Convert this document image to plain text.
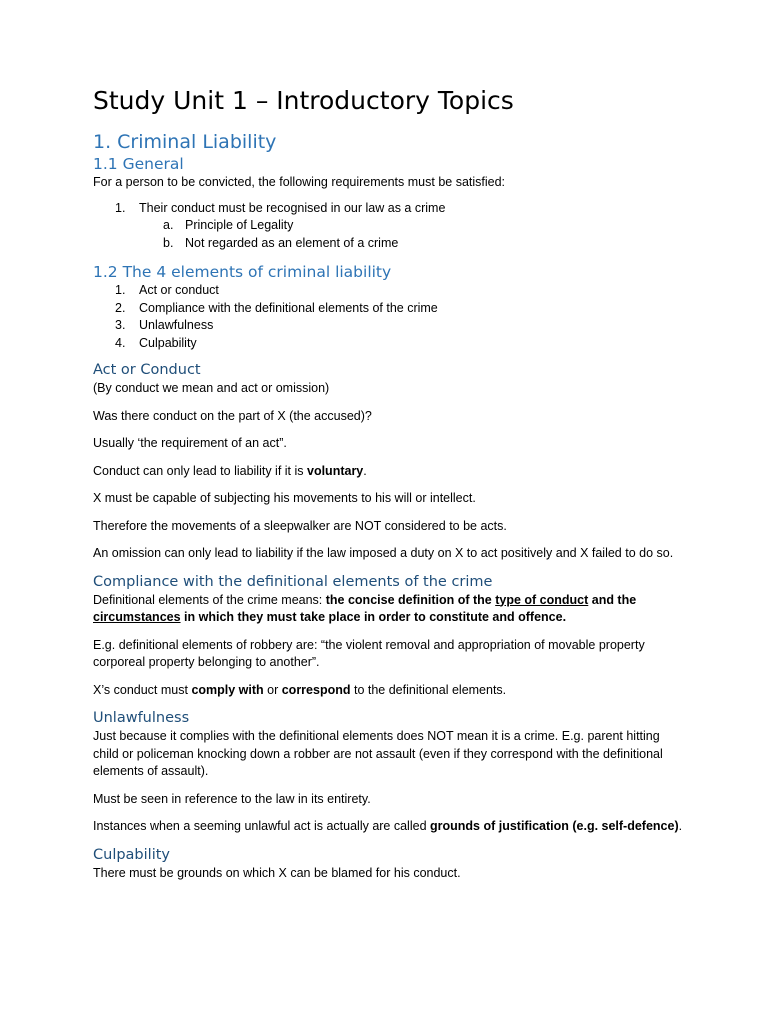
Study Unit 1 – Introductory Topics
1. Criminal Liability
1.1 General

For a person to be convicted, the following requirements must be satisfied:

1.	Their conduct must be recognised in our law as a crime
a. Principle of Legality
b. Not regarded as an element of a crime
1.2 The 4 elements of criminal liability
1.	Act or conduct
2.	Compliance with the definitional elements of the crime
3.	Unlawfulness
4.	Culpability
Act or Conduct

(By conduct we mean and act or omission)

Was there conduct on the part of X (the accused)?

Usually ‘the requirement of an act”.

Conduct can only lead to liability if it is voluntary.

X must be capable of subjecting his movements to his will or intellect.

Therefore the movements of a sleepwalker are NOT considered to be acts.

An omission can only lead to liability if the law imposed a duty on X to act positively and X failed to do so.

Compliance with the definitional elements of the crime

Definitional elements of the crime means: the concise definition of the type of conduct and the circumstances in which they must take place in order to constitute and offence.

E.g. definitional elements of robbery are: “the violent removal and appropriation of movable property corporeal property belonging to another”.

X’s conduct must comply with or correspond to the definitional elements.

Unlawfulness

Just because it complies with the definitional elements does NOT mean it is a crime. E.g. parent hitting child or policeman knocking down a robber are not assault (even if they correspond with the definitional elements of assault).

Must be seen in reference to the law in its entirety.

Instances when a seeming unlawful act is actually are called grounds of justification (e.g. self-defence).

Culpability

There must be grounds on which X can be blamed for his conduct.
